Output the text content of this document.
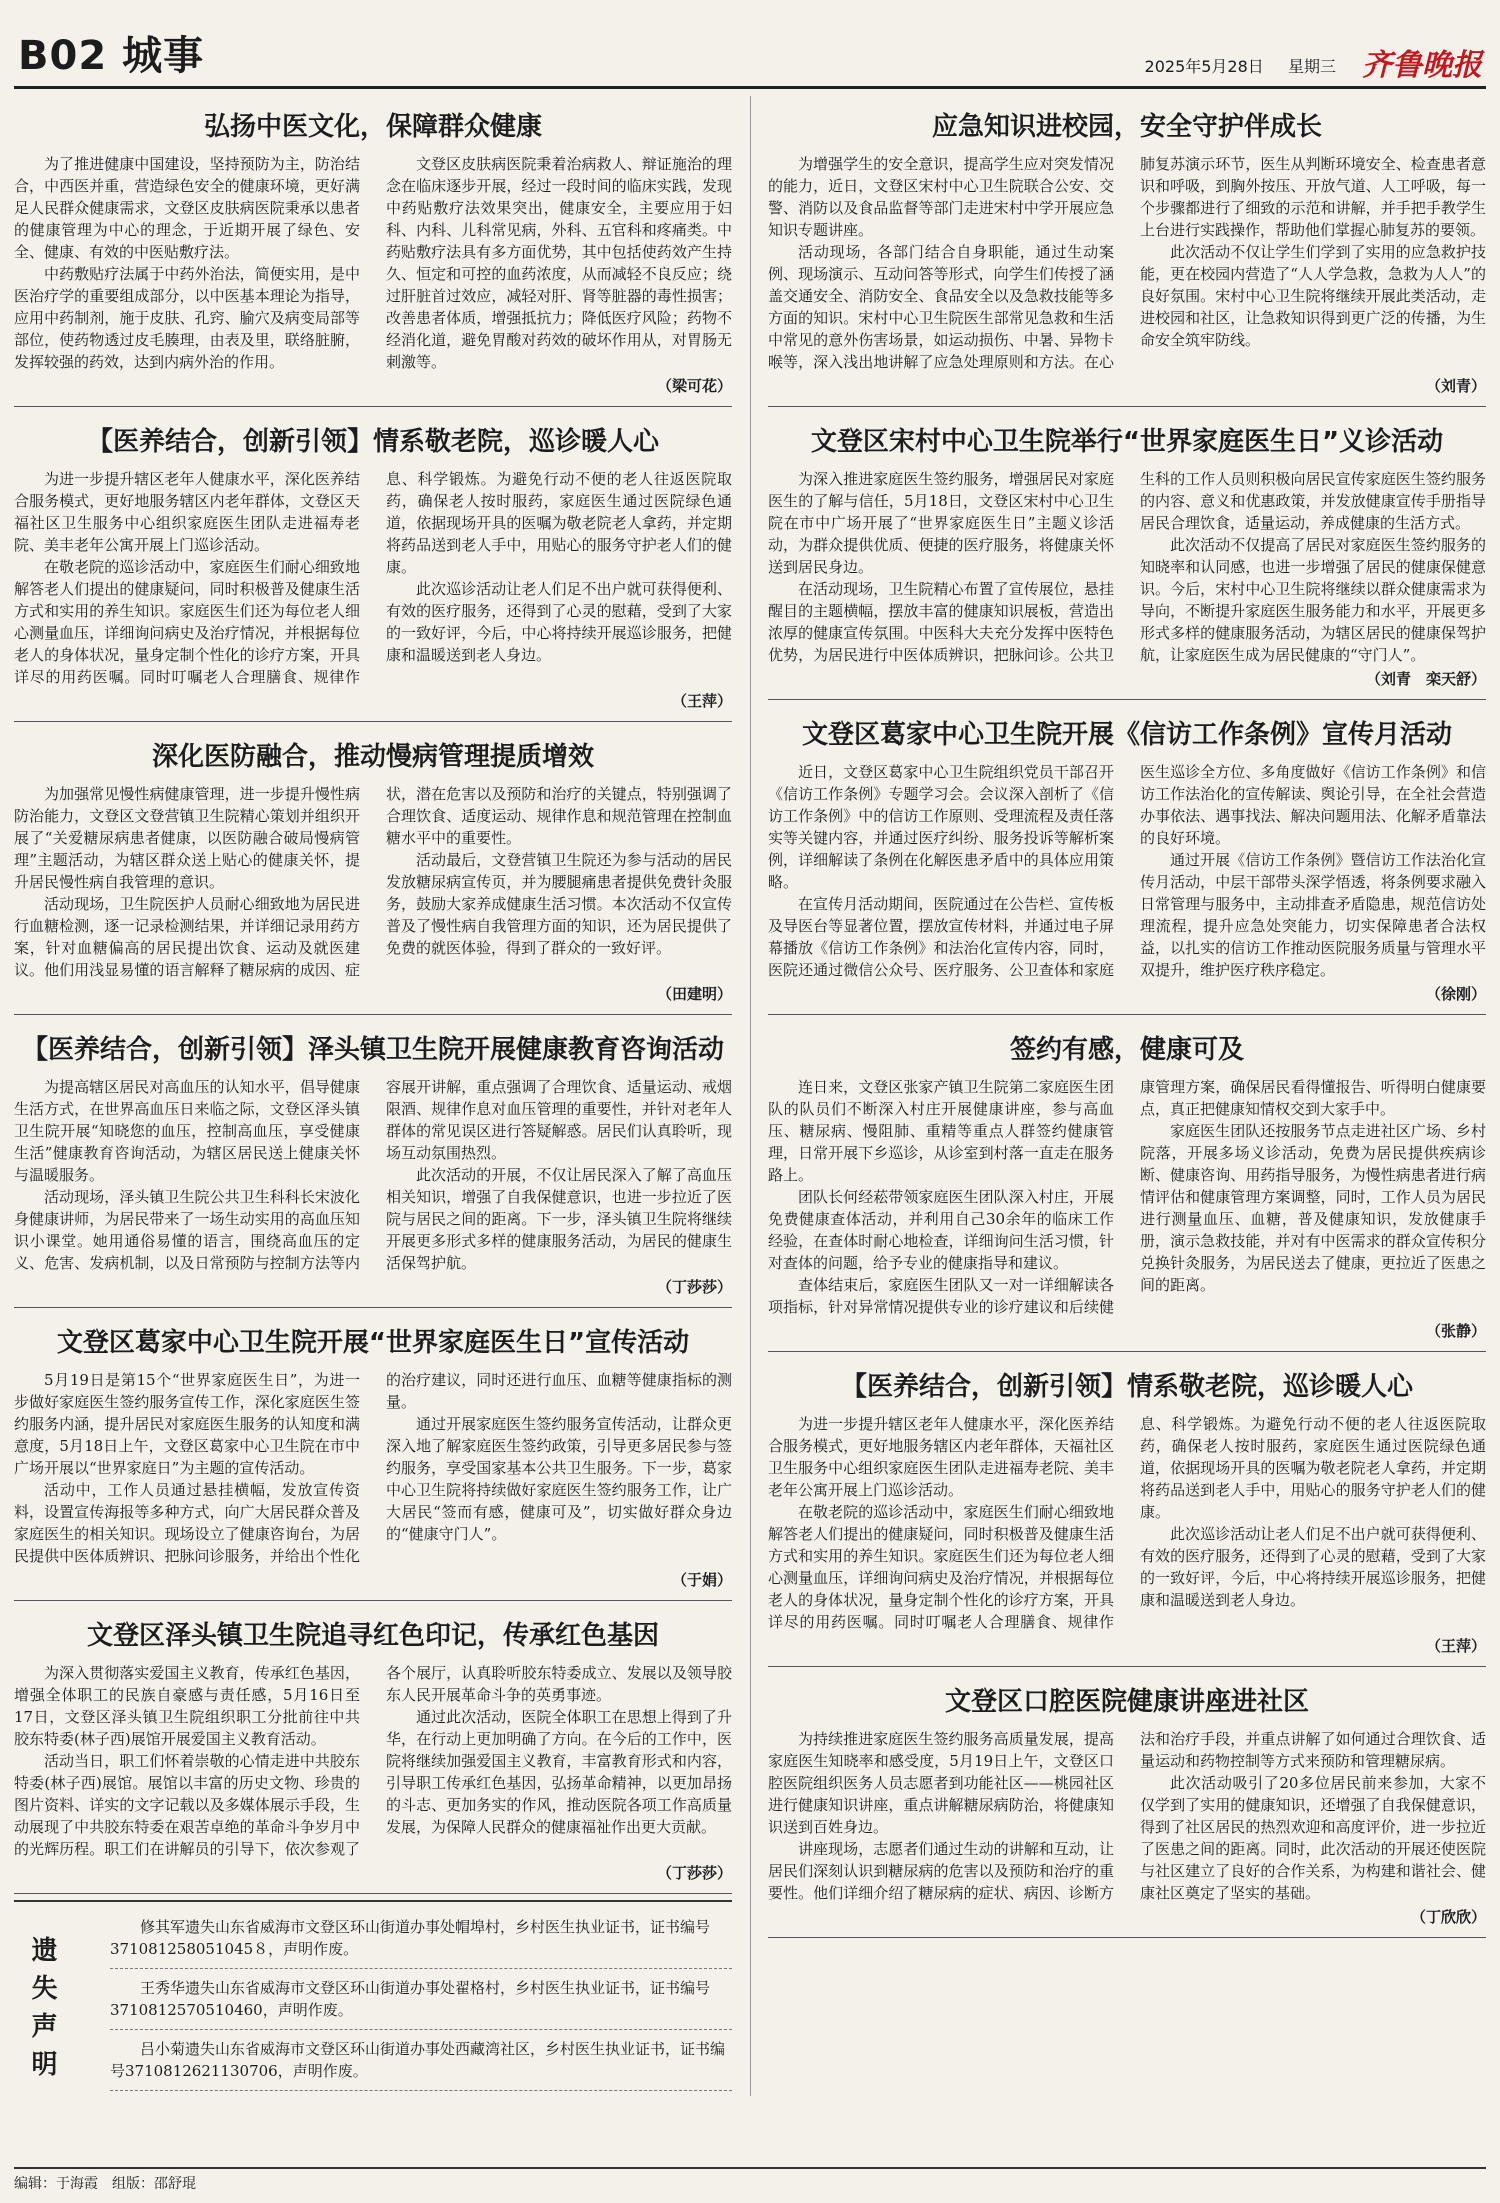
B02 城事	2025年5月28日 星期三 齐鲁晚报
弘扬中医文化，保障群众健康

为了推进健康中国建设，坚持预防为主，防治结合，中西医并重，营造绿色安全的健康环境，更好满足人民群众健康需求，文登区皮肤病医院秉承以患者的健康管理为中心的理念，于近期开展了绿色、安全、健康、有效的中医贴敷疗法。

中药敷贴疗法属于中药外治法，简便实用，是中医治疗学的重要组成部分，以中医基本理论为指导，应用中药制剂，施于皮肤、孔窍、腧穴及病变局部等部位，使药物透过皮毛腠理，由表及里，联络脏腑，发挥较强的药效，达到内病外治的作用。

文登区皮肤病医院秉着治病救人、辩证施治的理念在临床逐步开展，经过一段时间的临床实践，发现中药贴敷疗法效果突出，健康安全，主要应用于妇科、内科、儿科常见病，外科、五官科和疼痛类。中药贴敷疗法具有多方面优势，其中包括使药效产生持久、恒定和可控的血药浓度，从而减轻不良反应；绕过肝脏首过效应，减轻对肝、肾等脏器的毒性损害；改善患者体质，增强抵抗力；降低医疗风险；药物不经消化道，避免胃酸对药效的破坏作用从，对胃肠无刺激等。

（梁可花）
【医养结合，创新引领】情系敬老院，巡诊暖人心

为进一步提升辖区老年人健康水平，深化医养结合服务模式，更好地服务辖区内老年群体，文登区天福社区卫生服务中心组织家庭医生团队走进福寿老院、美丰老年公寓开展上门巡诊活动。

在敬老院的巡诊活动中，家庭医生们耐心细致地解答老人们提出的健康疑问，同时积极普及健康生活方式和实用的养生知识。家庭医生们还为每位老人细心测量血压，详细询问病史及治疗情况，并根据每位老人的身体状况，量身定制个性化的诊疗方案，开具详尽的用药医嘱。同时叮嘱老人合理膳食、规律作息、科学锻炼。为避免行动不便的老人往返医院取药，确保老人按时服药，家庭医生通过医院绿色通道，依据现场开具的医嘱为敬老院老人拿药，并定期将药品送到老人手中，用贴心的服务守护老人们的健康。

此次巡诊活动让老人们足不出户就可获得便利、有效的医疗服务，还得到了心灵的慰藉，受到了大家的一致好评，今后，中心将持续开展巡诊服务，把健康和温暖送到老人身边。

（王萍）
深化医防融合，推动慢病管理提质增效

为加强常见慢性病健康管理，进一步提升慢性病防治能力，文登区文登营镇卫生院精心策划并组织开展了“关爱糖尿病患者健康，以医防融合破局慢病管理”主题活动，为辖区群众送上贴心的健康关怀，提升居民慢性病自我管理的意识。

活动现场，卫生院医护人员耐心细致地为居民进行血糖检测，逐一记录检测结果，并详细记录用药方案，针对血糖偏高的居民提出饮食、运动及就医建议。他们用浅显易懂的语言解释了糖尿病的成因、症状，潜在危害以及预防和治疗的关键点，特别强调了合理饮食、适度运动、规律作息和规范管理在控制血糖水平中的重要性。

活动最后，文登营镇卫生院还为参与活动的居民发放糖尿病宣传页，并为腰腿痛患者提供免费针灸服务，鼓励大家养成健康生活习惯。本次活动不仅宣传普及了慢性病自我管理方面的知识，还为居民提供了免费的就医体验，得到了群众的一致好评。

（田建明）
【医养结合，创新引领】泽头镇卫生院开展健康教育咨询活动

为提高辖区居民对高血压的认知水平，倡导健康生活方式，在世界高血压日来临之际，文登区泽头镇卫生院开展“知晓您的血压，控制高血压，享受健康生活”健康教育咨询活动，为辖区居民送上健康关怀与温暖服务。

活动现场，泽头镇卫生院公共卫生科科长宋波化身健康讲师，为居民带来了一场生动实用的高血压知识小课堂。她用通俗易懂的语言，围绕高血压的定义、危害、发病机制，以及日常预防与控制方法等内容展开讲解，重点强调了合理饮食、适量运动、戒烟限酒、规律作息对血压管理的重要性，并针对老年人群体的常见误区进行答疑解惑。居民们认真聆听，现场互动氛围热烈。

此次活动的开展，不仅让居民深入了解了高血压相关知识，增强了自我保健意识，也进一步拉近了医院与居民之间的距离。下一步，泽头镇卫生院将继续开展更多形式多样的健康服务活动，为居民的健康生活保驾护航。

（丁莎莎）
文登区葛家中心卫生院开展“世界家庭医生日”宣传活动

5月19日是第15个“世界家庭医生日”，为进一步做好家庭医生签约服务宣传工作，深化家庭医生签约服务内涵，提升居民对家庭医生服务的认知度和满意度，5月18日上午，文登区葛家中心卫生院在市中广场开展以“世界家庭日”为主题的宣传活动。

活动中，工作人员通过悬挂横幅，发放宣传资料，设置宣传海报等多种方式，向广大居民群众普及家庭医生的相关知识。现场设立了健康咨询台，为居民提供中医体质辨识、把脉问诊服务，并给出个性化的治疗建议，同时还进行血压、血糖等健康指标的测量。

通过开展家庭医生签约服务宣传活动，让群众更深入地了解家庭医生签约政策，引导更多居民参与签约服务，享受国家基本公共卫生服务。下一步，葛家中心卫生院将持续做好家庭医生签约服务工作，让广大居民“签而有感，健康可及”，切实做好群众身边的“健康守门人”。

（于娟）
文登区泽头镇卫生院追寻红色印记，传承红色基因

为深入贯彻落实爱国主义教育，传承红色基因，增强全体职工的民族自豪感与责任感，5月16日至17日，文登区泽头镇卫生院组织职工分批前往中共胶东特委(林子西)展馆开展爱国主义教育活动。

活动当日，职工们怀着崇敬的心情走进中共胶东特委(林子西)展馆。展馆以丰富的历史文物、珍贵的图片资料、详实的文字记载以及多媒体展示手段，生动展现了中共胶东特委在艰苦卓绝的革命斗争岁月中的光辉历程。职工们在讲解员的引导下，依次参观了各个展厅，认真聆听胶东特委成立、发展以及领导胶东人民开展革命斗争的英勇事迹。

通过此次活动，医院全体职工在思想上得到了升华，在行动上更加明确了方向。在今后的工作中，医院将继续加强爱国主义教育，丰富教育形式和内容，引导职工传承红色基因，弘扬革命精神，以更加昂扬的斗志、更加务实的作风，推动医院各项工作高质量发展，为保障人民群众的健康福祉作出更大贡献。

（丁莎莎）
遗失声明
修其军遗失山东省威海市文登区环山街道办事处帽埠村，乡村医生执业证书，证书编号371081258051045８，声明作废。
王秀华遗失山东省威海市文登区环山街道办事处翟格村，乡村医生执业证书，证书编号3710812570510460，声明作废。
吕小菊遗失山东省威海市文登区环山街道办事处西藏湾社区，乡村医生执业证书，证书编号3710812621130706，声明作废。
应急知识进校园，安全守护伴成长

为增强学生的安全意识，提高学生应对突发情况的能力，近日，文登区宋村中心卫生院联合公安、交警、消防以及食品监督等部门走进宋村中学开展应急知识专题讲座。

活动现场，各部门结合自身职能，通过生动案例、现场演示、互动问答等形式，向学生们传授了涵盖交通安全、消防安全、食品安全以及急救技能等多方面的知识。宋村中心卫生院医生部常见急救和生活中常见的意外伤害场景，如运动损伤、中暑、异物卡喉等，深入浅出地讲解了应急处理原则和方法。在心肺复苏演示环节，医生从判断环境安全、检查患者意识和呼吸，到胸外按压、开放气道、人工呼吸，每一个步骤都进行了细致的示范和讲解，并手把手教学生上台进行实践操作，帮助他们掌握心肺复苏的要领。

此次活动不仅让学生们学到了实用的应急救护技能，更在校园内营造了“人人学急救，急救为人人”的良好氛围。宋村中心卫生院将继续开展此类活动，走进校园和社区，让急救知识得到更广泛的传播，为生命安全筑牢防线。

（刘青）
文登区宋村中心卫生院举行“世界家庭医生日”义诊活动

为深入推进家庭医生签约服务，增强居民对家庭医生的了解与信任，5月18日，文登区宋村中心卫生院在市中广场开展了“世界家庭医生日”主题义诊活动，为群众提供优质、便捷的医疗服务，将健康关怀送到居民身边。

在活动现场，卫生院精心布置了宣传展位，悬挂醒目的主题横幅，摆放丰富的健康知识展板，营造出浓厚的健康宣传氛围。中医科大夫充分发挥中医特色优势，为居民进行中医体质辨识，把脉问诊。公共卫生科的工作人员则积极向居民宣传家庭医生签约服务的内容、意义和优惠政策，并发放健康宣传手册指导居民合理饮食，适量运动，养成健康的生活方式。

此次活动不仅提高了居民对家庭医生签约服务的知晓率和认同感，也进一步增强了居民的健康保健意识。今后，宋村中心卫生院将继续以群众健康需求为导向，不断提升家庭医生服务能力和水平，开展更多形式多样的健康服务活动，为辖区居民的健康保驾护航，让家庭医生成为居民健康的“守门人”。

（刘青　栾天舒）
文登区葛家中心卫生院开展《信访工作条例》宣传月活动

近日，文登区葛家中心卫生院组织党员干部召开《信访工作条例》专题学习会。会议深入剖析了《信访工作条例》中的信访工作原则、受理流程及责任落实等关键内容，并通过医疗纠纷、服务投诉等解析案例，详细解读了条例在化解医患矛盾中的具体应用策略。

在宣传月活动期间，医院通过在公告栏、宣传板及导医台等显著位置，摆放宣传材料，并通过电子屏幕播放《信访工作条例》和法治化宣传内容，同时，医院还通过微信公众号、医疗服务、公卫查体和家庭医生巡诊全方位、多角度做好《信访工作条例》和信访工作法治化的宣传解读、舆论引导，在全社会营造办事依法、遇事找法、解决问题用法、化解矛盾靠法的良好环境。

通过开展《信访工作条例》暨信访工作法治化宣传月活动，中层干部带头深学悟透，将条例要求融入日常管理与服务中，主动排查矛盾隐患，规范信访处理流程，提升应急处突能力，切实保障患者合法权益，以扎实的信访工作推动医院服务质量与管理水平双提升，维护医疗秩序稳定。

（徐刚）
签约有感，健康可及

连日来，文登区张家产镇卫生院第二家庭医生团队的队员们不断深入村庄开展健康讲座，参与高血压、糖尿病、慢阻肺、重精等重点人群签约健康管理，日常开展下乡巡诊，从诊室到村落一直走在服务路上。

团队长何经菘带领家庭医生团队深入村庄，开展免费健康查体活动，并利用自己30余年的临床工作经验，在查体时耐心地检查，详细询问生活习惯，针对查体的问题，给予专业的健康指导和建议。

查体结束后，家庭医生团队又一对一详细解读各项指标，针对异常情况提供专业的诊疗建议和后续健康管理方案，确保居民看得懂报告、听得明白健康要点，真正把健康知情权交到大家手中。

家庭医生团队还按服务节点走进社区广场、乡村院落，开展多场义诊活动，免费为居民提供疾病诊断、健康咨询、用药指导服务，为慢性病患者进行病情评估和健康管理方案调整，同时，工作人员为居民进行测量血压、血糖，普及健康知识，发放健康手册，演示急救技能，并对有中医需求的群众宣传积分兑换针灸服务，为居民送去了健康，更拉近了医患之间的距离。

（张静）
【医养结合，创新引领】情系敬老院，巡诊暖人心

为进一步提升辖区老年人健康水平，深化医养结合服务模式，更好地服务辖区内老年群体，天福社区卫生服务中心组织家庭医生团队走进福寿老院、美丰老年公寓开展上门巡诊活动。

在敬老院的巡诊活动中，家庭医生们耐心细致地解答老人们提出的健康疑问，同时积极普及健康生活方式和实用的养生知识。家庭医生们还为每位老人细心测量血压，详细询问病史及治疗情况，并根据每位老人的身体状况，量身定制个性化的诊疗方案，开具详尽的用药医嘱。同时叮嘱老人合理膳食、规律作息、科学锻炼。为避免行动不便的老人往返医院取药，确保老人按时服药，家庭医生通过医院绿色通道，依据现场开具的医嘱为敬老院老人拿药，并定期将药品送到老人手中，用贴心的服务守护老人们的健康。

此次巡诊活动让老人们足不出户就可获得便利、有效的医疗服务，还得到了心灵的慰藉，受到了大家的一致好评，今后，中心将持续开展巡诊服务，把健康和温暖送到老人身边。

（王萍）
文登区口腔医院健康讲座进社区

为持续推进家庭医生签约服务高质量发展，提高家庭医生知晓率和感受度，5月19日上午，文登区口腔医院组织医务人员志愿者到功能社区——桃园社区进行健康知识讲座，重点讲解糖尿病防治，将健康知识送到百姓身边。

讲座现场，志愿者们通过生动的讲解和互动，让居民们深刻认识到糖尿病的危害以及预防和治疗的重要性。他们详细介绍了糖尿病的症状、病因、诊断方法和治疗手段，并重点讲解了如何通过合理饮食、适量运动和药物控制等方式来预防和管理糖尿病。

此次活动吸引了20多位居民前来参加，大家不仅学到了实用的健康知识，还增强了自我保健意识，得到了社区居民的热烈欢迎和高度评价，进一步拉近了医患之间的距离。同时，此次活动的开展还使医院与社区建立了良好的合作关系，为构建和谐社会、健康社区奠定了坚实的基础。

（丁欣欣）
编辑：于海霞　组版：邵舒琨
